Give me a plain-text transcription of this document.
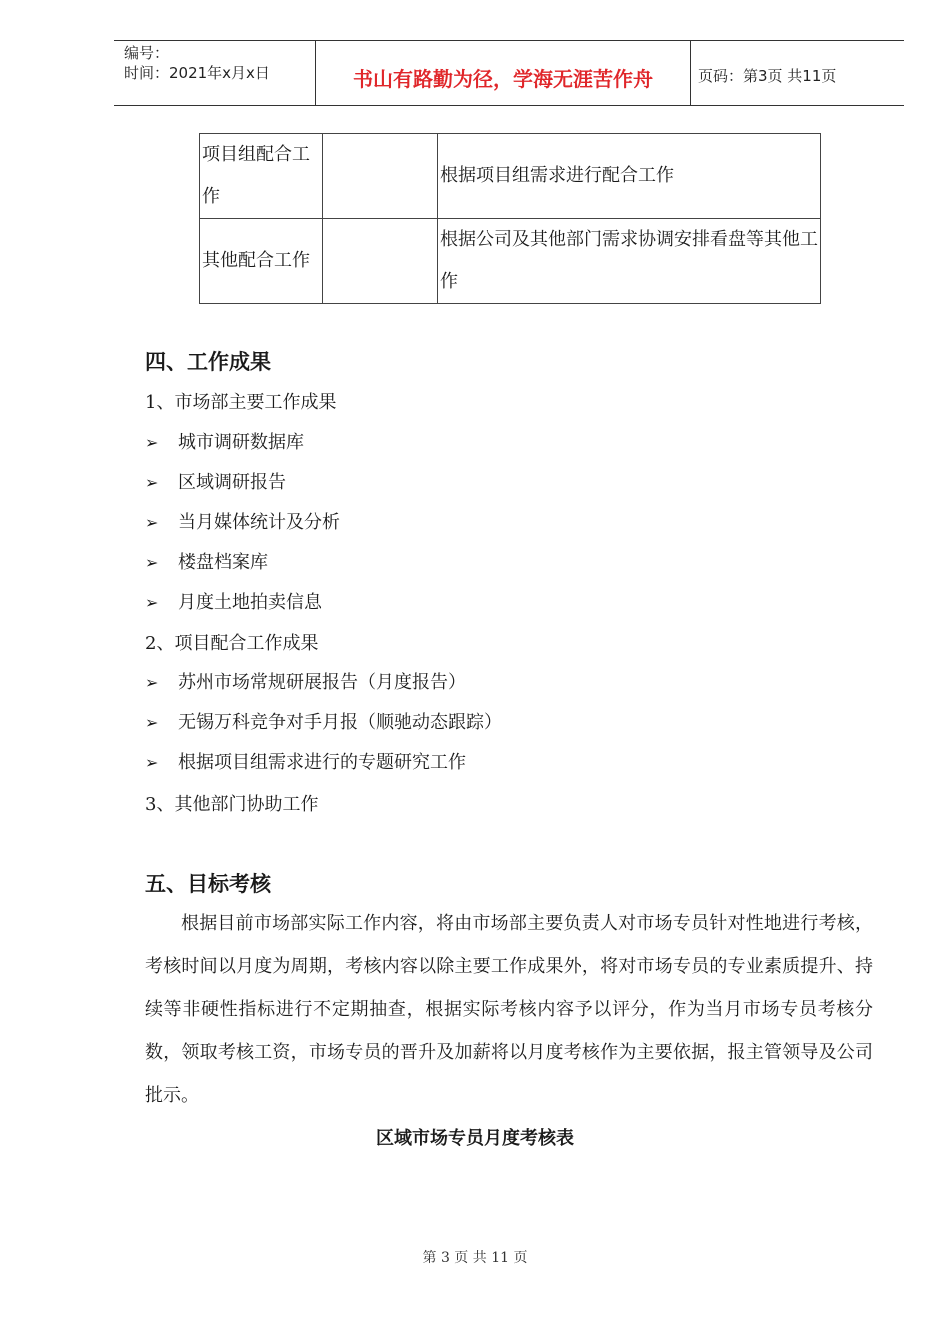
编号：
时间：2021年x月x日	书山有路勤为径，学海无涯苦作舟	页码：第3页 共11页
项目组配合工作		根据项目组需求进行配合工作
其他配合工作		根据公司及其他部门需求协调安排看盘等其他工作
四、工作成果
1、市场部主要工作成果
➢ 城市调研数据库
➢ 区域调研报告
➢ 当月媒体统计及分析
➢ 楼盘档案库
➢ 月度土地拍卖信息
2、项目配合工作成果
➢ 苏州市场常规研展报告（月度报告）
➢ 无锡万科竞争对手月报（顺驰动态跟踪）
➢ 根据项目组需求进行的专题研究工作
3、其他部门协助工作
五、目标考核
根据目前市场部实际工作内容，将由市场部主要负责人对市场专员针对性地进行考核，考核时间以月度为周期，考核内容以除主要工作成果外，将对市场专员的专业素质提升、持续等非硬性指标进行不定期抽查，根据实际考核内容予以评分，作为当月市场专员考核分数，领取考核工资，市场专员的晋升及加薪将以月度考核作为主要依据，报主管领导及公司批示。
区域市场专员月度考核表
第 3 页 共 11 页
